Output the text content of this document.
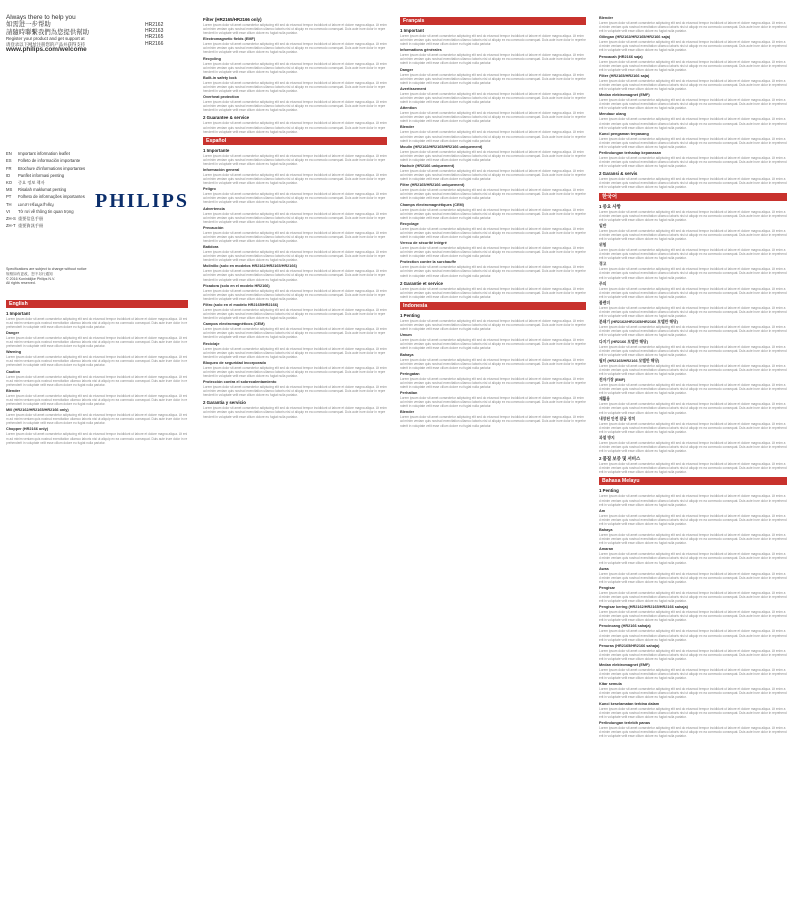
Always there to help you
如需进一步帮助
請隨時聯繫我們為您提供幫助
Register your product and get support at
请登录以下网址注册您的产品并获得支持
www.philips.com/welcome
EN	Important information leaflet
ES	Folleto de información importante
FR	Brochure d'informations importantes
ID	Panflet informasi penting
KO	중요 정보 책자
MS	Risalah maklumat penting
PT	Folheto de informações importantes
TH	เอกสารข้อมูลสำคัญ
VI	Tờ rơi về thông tin quan trọng
ZH-S 重要信息手册
ZH-T 重要資訊手冊
Specifications are subject to change without notice
规格如有更改，恕不另行通知
© 2016 Koninklijke Philips N.V.
All rights reserved.
English
1 Important
Lorem ipsum dolor sit amet consectetur adipiscing elit sed do eiusmod tempor incididunt ut labore et dolore magna aliqua. Ut enim ad minim veniam quis nostrud exercitation ullamco laboris nisi ut aliquip ex ea commodo consequat. Duis aute irure dolor in reprehenderit in voluptate velit esse cillum dolore eu fugiat nulla pariatur.
Danger
Lorem ipsum dolor sit amet consectetur adipiscing elit sed do eiusmod tempor incididunt ut labore et dolore magna aliqua. Ut enim ad minim veniam quis nostrud exercitation ullamco laboris nisi ut aliquip ex ea commodo consequat. Duis aute irure dolor in reprehenderit in voluptate velit esse cillum dolore eu fugiat nulla pariatur.
Warning
Lorem ipsum dolor sit amet consectetur adipiscing elit sed do eiusmod tempor incididunt ut labore et dolore magna aliqua. Ut enim ad minim veniam quis nostrud exercitation ullamco laboris nisi ut aliquip ex ea commodo consequat. Duis aute irure dolor in reprehenderit in voluptate velit esse cillum dolore eu fugiat nulla pariatur.
Caution
Lorem ipsum dolor sit amet consectetur adipiscing elit sed do eiusmod tempor incididunt ut labore et dolore magna aliqua. Ut enim ad minim veniam quis nostrud exercitation ullamco laboris nisi ut aliquip ex ea commodo consequat. Duis aute irure dolor in reprehenderit in voluptate velit esse cillum dolore eu fugiat nulla pariatur.
Blender
Lorem ipsum dolor sit amet consectetur adipiscing elit sed do eiusmod tempor incididunt ut labore et dolore magna aliqua. Ut enim ad minim veniam quis nostrud exercitation ullamco laboris nisi ut aliquip ex ea commodo consequat. Duis aute irure dolor in reprehenderit in voluptate velit esse cillum dolore eu fugiat nulla pariatur.
Mill (HR2162/HR2165/HR2166 only)
Lorem ipsum dolor sit amet consectetur adipiscing elit sed do eiusmod tempor incididunt ut labore et dolore magna aliqua. Ut enim ad minim veniam quis nostrud exercitation ullamco laboris nisi ut aliquip ex ea commodo consequat. Duis aute irure dolor in reprehenderit in voluptate velit esse cillum dolore eu fugiat nulla pariatur.
Chopper (HR2166 only)
Lorem ipsum dolor sit amet consectetur adipiscing elit sed do eiusmod tempor incididunt ut labore et dolore magna aliqua. Ut enim ad minim veniam quis nostrud exercitation ullamco laboris nisi ut aliquip ex ea commodo consequat. Duis aute irure dolor in reprehenderit in voluptate velit esse cillum dolore eu fugiat nulla pariatur.
HR2162
HR2163
HR2165
HR2166
PHILIPS
Filter (HR2165/HR2166 only)
Lorem ipsum dolor sit amet consectetur adipiscing elit sed do eiusmod tempor incididunt ut labore et dolore magna aliqua. Ut enim ad minim veniam quis nostrud exercitation ullamco laboris nisi ut aliquip ex ea commodo consequat. Duis aute irure dolor in reprehenderit in voluptate velit esse cillum dolore eu fugiat nulla pariatur.
Electromagnetic fields (EMF)
Lorem ipsum dolor sit amet consectetur adipiscing elit sed do eiusmod tempor incididunt ut labore et dolore magna aliqua. Ut enim ad minim veniam quis nostrud exercitation ullamco laboris nisi ut aliquip ex ea commodo consequat. Duis aute irure dolor in reprehenderit in voluptate velit esse cillum dolore eu fugiat nulla pariatur.
Recycling
Lorem ipsum dolor sit amet consectetur adipiscing elit sed do eiusmod tempor incididunt ut labore et dolore magna aliqua. Ut enim ad minim veniam quis nostrud exercitation ullamco laboris nisi ut aliquip ex ea commodo consequat. Duis aute irure dolor in reprehenderit in voluptate velit esse cillum dolore eu fugiat nulla pariatur.
Built-in safety lock
Lorem ipsum dolor sit amet consectetur adipiscing elit sed do eiusmod tempor incididunt ut labore et dolore magna aliqua. Ut enim ad minim veniam quis nostrud exercitation ullamco laboris nisi ut aliquip ex ea commodo consequat. Duis aute irure dolor in reprehenderit in voluptate velit esse cillum dolore eu fugiat nulla pariatur.
Overheat protection
Lorem ipsum dolor sit amet consectetur adipiscing elit sed do eiusmod tempor incididunt ut labore et dolore magna aliqua. Ut enim ad minim veniam quis nostrud exercitation ullamco laboris nisi ut aliquip ex ea commodo consequat. Duis aute irure dolor in reprehenderit in voluptate velit esse cillum dolore eu fugiat nulla pariatur.
2 Guarantee & service
Lorem ipsum dolor sit amet consectetur adipiscing elit sed do eiusmod tempor incididunt ut labore et dolore magna aliqua. Ut enim ad minim veniam quis nostrud exercitation ullamco laboris nisi ut aliquip ex ea commodo consequat. Duis aute irure dolor in reprehenderit in voluptate velit esse cillum dolore eu fugiat nulla pariatur.
Español
1 Importante
Lorem ipsum dolor sit amet consectetur adipiscing elit sed do eiusmod tempor incididunt ut labore et dolore magna aliqua. Ut enim ad minim veniam quis nostrud exercitation ullamco laboris nisi ut aliquip ex ea commodo consequat. Duis aute irure dolor in reprehenderit in voluptate velit esse cillum dolore eu fugiat nulla pariatur.
Información general
Lorem ipsum dolor sit amet consectetur adipiscing elit sed do eiusmod tempor incididunt ut labore et dolore magna aliqua. Ut enim ad minim veniam quis nostrud exercitation ullamco laboris nisi ut aliquip ex ea commodo consequat. Duis aute irure dolor in reprehenderit in voluptate velit esse cillum dolore eu fugiat nulla pariatur.
Peligro
Lorem ipsum dolor sit amet consectetur adipiscing elit sed do eiusmod tempor incididunt ut labore et dolore magna aliqua. Ut enim ad minim veniam quis nostrud exercitation ullamco laboris nisi ut aliquip ex ea commodo consequat. Duis aute irure dolor in reprehenderit in voluptate velit esse cillum dolore eu fugiat nulla pariatur.
Advertencia
Lorem ipsum dolor sit amet consectetur adipiscing elit sed do eiusmod tempor incididunt ut labore et dolore magna aliqua. Ut enim ad minim veniam quis nostrud exercitation ullamco laboris nisi ut aliquip ex ea commodo consequat. Duis aute irure dolor in reprehenderit in voluptate velit esse cillum dolore eu fugiat nulla pariatur.
Precaución
Lorem ipsum dolor sit amet consectetur adipiscing elit sed do eiusmod tempor incididunt ut labore et dolore magna aliqua. Ut enim ad minim veniam quis nostrud exercitation ullamco laboris nisi ut aliquip ex ea commodo consequat. Duis aute irure dolor in reprehenderit in voluptate velit esse cillum dolore eu fugiat nulla pariatur.
Batidora
Lorem ipsum dolor sit amet consectetur adipiscing elit sed do eiusmod tempor incididunt ut labore et dolore magna aliqua. Ut enim ad minim veniam quis nostrud exercitation ullamco laboris nisi ut aliquip ex ea commodo consequat. Duis aute irure dolor in reprehenderit in voluptate velit esse cillum dolore eu fugiat nulla pariatur.
Molinillo (solo en modelos HR2162/HR2165/HR2166)
Lorem ipsum dolor sit amet consectetur adipiscing elit sed do eiusmod tempor incididunt ut labore et dolore magna aliqua. Ut enim ad minim veniam quis nostrud exercitation ullamco laboris nisi ut aliquip ex ea commodo consequat. Duis aute irure dolor in reprehenderit in voluptate velit esse cillum dolore eu fugiat nulla pariatur.
Picadora (solo en el modelo HR2166)
Lorem ipsum dolor sit amet consectetur adipiscing elit sed do eiusmod tempor incididunt ut labore et dolore magna aliqua. Ut enim ad minim veniam quis nostrud exercitation ullamco laboris nisi ut aliquip ex ea commodo consequat. Duis aute irure dolor in reprehenderit in voluptate velit esse cillum dolore eu fugiat nulla pariatur.
Filtro (solo en el modelo HR2165/HR2166)
Lorem ipsum dolor sit amet consectetur adipiscing elit sed do eiusmod tempor incididunt ut labore et dolore magna aliqua. Ut enim ad minim veniam quis nostrud exercitation ullamco laboris nisi ut aliquip ex ea commodo consequat. Duis aute irure dolor in reprehenderit in voluptate velit esse cillum dolore eu fugiat nulla pariatur.
Campos electromagnéticos (CEM)
Lorem ipsum dolor sit amet consectetur adipiscing elit sed do eiusmod tempor incididunt ut labore et dolore magna aliqua. Ut enim ad minim veniam quis nostrud exercitation ullamco laboris nisi ut aliquip ex ea commodo consequat. Duis aute irure dolor in reprehenderit in voluptate velit esse cillum dolore eu fugiat nulla pariatur.
Reciclaje
Lorem ipsum dolor sit amet consectetur adipiscing elit sed do eiusmod tempor incididunt ut labore et dolore magna aliqua. Ut enim ad minim veniam quis nostrud exercitation ullamco laboris nisi ut aliquip ex ea commodo consequat. Duis aute irure dolor in reprehenderit in voluptate velit esse cillum dolore eu fugiat nulla pariatur.
Bloqueo de seguridad incorporado
Lorem ipsum dolor sit amet consectetur adipiscing elit sed do eiusmod tempor incididunt ut labore et dolore magna aliqua. Ut enim ad minim veniam quis nostrud exercitation ullamco laboris nisi ut aliquip ex ea commodo consequat. Duis aute irure dolor in reprehenderit in voluptate velit esse cillum dolore eu fugiat nulla pariatur.
Protección contra el sobrecalentamiento
Lorem ipsum dolor sit amet consectetur adipiscing elit sed do eiusmod tempor incididunt ut labore et dolore magna aliqua. Ut enim ad minim veniam quis nostrud exercitation ullamco laboris nisi ut aliquip ex ea commodo consequat. Duis aute irure dolor in reprehenderit in voluptate velit esse cillum dolore eu fugiat nulla pariatur.
2 Garantía y servicio
Lorem ipsum dolor sit amet consectetur adipiscing elit sed do eiusmod tempor incididunt ut labore et dolore magna aliqua. Ut enim ad minim veniam quis nostrud exercitation ullamco laboris nisi ut aliquip ex ea commodo consequat. Duis aute irure dolor in reprehenderit in voluptate velit esse cillum dolore eu fugiat nulla pariatur.
Français
1 Important
Lorem ipsum dolor sit amet consectetur adipiscing elit sed do eiusmod tempor incididunt ut labore et dolore magna aliqua. Ut enim ad minim veniam quis nostrud exercitation ullamco laboris nisi ut aliquip ex ea commodo consequat. Duis aute irure dolor in reprehenderit in voluptate velit esse cillum dolore eu fugiat nulla pariatur.
Informations générales
Lorem ipsum dolor sit amet consectetur adipiscing elit sed do eiusmod tempor incididunt ut labore et dolore magna aliqua. Ut enim ad minim veniam quis nostrud exercitation ullamco laboris nisi ut aliquip ex ea commodo consequat. Duis aute irure dolor in reprehenderit in voluptate velit esse cillum dolore eu fugiat nulla pariatur.
Danger
Lorem ipsum dolor sit amet consectetur adipiscing elit sed do eiusmod tempor incididunt ut labore et dolore magna aliqua. Ut enim ad minim veniam quis nostrud exercitation ullamco laboris nisi ut aliquip ex ea commodo consequat. Duis aute irure dolor in reprehenderit in voluptate velit esse cillum dolore eu fugiat nulla pariatur.
Avertissement
Lorem ipsum dolor sit amet consectetur adipiscing elit sed do eiusmod tempor incididunt ut labore et dolore magna aliqua. Ut enim ad minim veniam quis nostrud exercitation ullamco laboris nisi ut aliquip ex ea commodo consequat. Duis aute irure dolor in reprehenderit in voluptate velit esse cillum dolore eu fugiat nulla pariatur.
Attention
Lorem ipsum dolor sit amet consectetur adipiscing elit sed do eiusmod tempor incididunt ut labore et dolore magna aliqua. Ut enim ad minim veniam quis nostrud exercitation ullamco laboris nisi ut aliquip ex ea commodo consequat. Duis aute irure dolor in reprehenderit in voluptate velit esse cillum dolore eu fugiat nulla pariatur.
Blender
Lorem ipsum dolor sit amet consectetur adipiscing elit sed do eiusmod tempor incididunt ut labore et dolore magna aliqua. Ut enim ad minim veniam quis nostrud exercitation ullamco laboris nisi ut aliquip ex ea commodo consequat. Duis aute irure dolor in reprehenderit in voluptate velit esse cillum dolore eu fugiat nulla pariatur.
Moulin (HR2162/HR2165/HR2166 uniquement)
Lorem ipsum dolor sit amet consectetur adipiscing elit sed do eiusmod tempor incididunt ut labore et dolore magna aliqua. Ut enim ad minim veniam quis nostrud exercitation ullamco laboris nisi ut aliquip ex ea commodo consequat. Duis aute irure dolor in reprehenderit in voluptate velit esse cillum dolore eu fugiat nulla pariatur.
Hachoir (HR2166 uniquement)
Lorem ipsum dolor sit amet consectetur adipiscing elit sed do eiusmod tempor incididunt ut labore et dolore magna aliqua. Ut enim ad minim veniam quis nostrud exercitation ullamco laboris nisi ut aliquip ex ea commodo consequat. Duis aute irure dolor in reprehenderit in voluptate velit esse cillum dolore eu fugiat nulla pariatur.
Filtre (HR2165/HR2166 uniquement)
Lorem ipsum dolor sit amet consectetur adipiscing elit sed do eiusmod tempor incididunt ut labore et dolore magna aliqua. Ut enim ad minim veniam quis nostrud exercitation ullamco laboris nisi ut aliquip ex ea commodo consequat. Duis aute irure dolor in reprehenderit in voluptate velit esse cillum dolore eu fugiat nulla pariatur.
Champs électromagnétiques (CEM)
Lorem ipsum dolor sit amet consectetur adipiscing elit sed do eiusmod tempor incididunt ut labore et dolore magna aliqua. Ut enim ad minim veniam quis nostrud exercitation ullamco laboris nisi ut aliquip ex ea commodo consequat. Duis aute irure dolor in reprehenderit in voluptate velit esse cillum dolore eu fugiat nulla pariatur.
Recyclage
Lorem ipsum dolor sit amet consectetur adipiscing elit sed do eiusmod tempor incididunt ut labore et dolore magna aliqua. Ut enim ad minim veniam quis nostrud exercitation ullamco laboris nisi ut aliquip ex ea commodo consequat. Duis aute irure dolor in reprehenderit in voluptate velit esse cillum dolore eu fugiat nulla pariatur.
Verrou de sécurité intégré
Lorem ipsum dolor sit amet consectetur adipiscing elit sed do eiusmod tempor incididunt ut labore et dolore magna aliqua. Ut enim ad minim veniam quis nostrud exercitation ullamco laboris nisi ut aliquip ex ea commodo consequat. Duis aute irure dolor in reprehenderit in voluptate velit esse cillum dolore eu fugiat nulla pariatur.
Protection contre la surchauffe
Lorem ipsum dolor sit amet consectetur adipiscing elit sed do eiusmod tempor incididunt ut labore et dolore magna aliqua. Ut enim ad minim veniam quis nostrud exercitation ullamco laboris nisi ut aliquip ex ea commodo consequat. Duis aute irure dolor in reprehenderit in voluptate velit esse cillum dolore eu fugiat nulla pariatur.
2 Garantie et service
Lorem ipsum dolor sit amet consectetur adipiscing elit sed do eiusmod tempor incididunt ut labore et dolore magna aliqua. Ut enim ad minim veniam quis nostrud exercitation ullamco laboris nisi ut aliquip ex ea commodo consequat. Duis aute irure dolor in reprehenderit in voluptate velit esse cillum dolore eu fugiat nulla pariatur.
Indonesia
1 Penting
Lorem ipsum dolor sit amet consectetur adipiscing elit sed do eiusmod tempor incididunt ut labore et dolore magna aliqua. Ut enim ad minim veniam quis nostrud exercitation ullamco laboris nisi ut aliquip ex ea commodo consequat. Duis aute irure dolor in reprehenderit in voluptate velit esse cillum dolore eu fugiat nulla pariatur.
Umum
Lorem ipsum dolor sit amet consectetur adipiscing elit sed do eiusmod tempor incididunt ut labore et dolore magna aliqua. Ut enim ad minim veniam quis nostrud exercitation ullamco laboris nisi ut aliquip ex ea commodo consequat. Duis aute irure dolor in reprehenderit in voluptate velit esse cillum dolore eu fugiat nulla pariatur.
Bahaya
Lorem ipsum dolor sit amet consectetur adipiscing elit sed do eiusmod tempor incididunt ut labore et dolore magna aliqua. Ut enim ad minim veniam quis nostrud exercitation ullamco laboris nisi ut aliquip ex ea commodo consequat. Duis aute irure dolor in reprehenderit in voluptate velit esse cillum dolore eu fugiat nulla pariatur.
Peringatan
Lorem ipsum dolor sit amet consectetur adipiscing elit sed do eiusmod tempor incididunt ut labore et dolore magna aliqua. Ut enim ad minim veniam quis nostrud exercitation ullamco laboris nisi ut aliquip ex ea commodo consequat. Duis aute irure dolor in reprehenderit in voluptate velit esse cillum dolore eu fugiat nulla pariatur.
Perhatian
Lorem ipsum dolor sit amet consectetur adipiscing elit sed do eiusmod tempor incididunt ut labore et dolore magna aliqua. Ut enim ad minim veniam quis nostrud exercitation ullamco laboris nisi ut aliquip ex ea commodo consequat. Duis aute irure dolor in reprehenderit in voluptate velit esse cillum dolore eu fugiat nulla pariatur.
Blender
Lorem ipsum dolor sit amet consectetur adipiscing elit sed do eiusmod tempor incididunt ut labore et dolore magna aliqua. Ut enim ad minim veniam quis nostrud exercitation ullamco laboris nisi ut aliquip ex ea commodo consequat. Duis aute irure dolor in reprehenderit in voluptate velit esse cillum dolore eu fugiat nulla pariatur.
Blender
Lorem ipsum dolor sit amet consectetur adipiscing elit sed do eiusmod tempor incididunt ut labore et dolore magna aliqua. Ut enim ad minim veniam quis nostrud exercitation ullamco laboris nisi ut aliquip ex ea commodo consequat. Duis aute irure dolor in reprehenderit in voluptate velit esse cillum dolore eu fugiat nulla pariatur.
Gilingan (HR2162/HR2165/HR2166 saja)
Lorem ipsum dolor sit amet consectetur adipiscing elit sed do eiusmod tempor incididunt ut labore et dolore magna aliqua. Ut enim ad minim veniam quis nostrud exercitation ullamco laboris nisi ut aliquip ex ea commodo consequat. Duis aute irure dolor in reprehenderit in voluptate velit esse cillum dolore eu fugiat nulla pariatur.
Pencacah (HR2166 saja)
Lorem ipsum dolor sit amet consectetur adipiscing elit sed do eiusmod tempor incididunt ut labore et dolore magna aliqua. Ut enim ad minim veniam quis nostrud exercitation ullamco laboris nisi ut aliquip ex ea commodo consequat. Duis aute irure dolor in reprehenderit in voluptate velit esse cillum dolore eu fugiat nulla pariatur.
Filter (HR2165/HR2166 saja)
Lorem ipsum dolor sit amet consectetur adipiscing elit sed do eiusmod tempor incididunt ut labore et dolore magna aliqua. Ut enim ad minim veniam quis nostrud exercitation ullamco laboris nisi ut aliquip ex ea commodo consequat. Duis aute irure dolor in reprehenderit in voluptate velit esse cillum dolore eu fugiat nulla pariatur.
Medan elektromagnet (EMF)
Lorem ipsum dolor sit amet consectetur adipiscing elit sed do eiusmod tempor incididunt ut labore et dolore magna aliqua. Ut enim ad minim veniam quis nostrud exercitation ullamco laboris nisi ut aliquip ex ea commodo consequat. Duis aute irure dolor in reprehenderit in voluptate velit esse cillum dolore eu fugiat nulla pariatur.
Mendaur ulang
Lorem ipsum dolor sit amet consectetur adipiscing elit sed do eiusmod tempor incididunt ut labore et dolore magna aliqua. Ut enim ad minim veniam quis nostrud exercitation ullamco laboris nisi ut aliquip ex ea commodo consequat. Duis aute irure dolor in reprehenderit in voluptate velit esse cillum dolore eu fugiat nulla pariatur.
Kunci pengaman terpasang
Lorem ipsum dolor sit amet consectetur adipiscing elit sed do eiusmod tempor incididunt ut labore et dolore magna aliqua. Ut enim ad minim veniam quis nostrud exercitation ullamco laboris nisi ut aliquip ex ea commodo consequat. Duis aute irure dolor in reprehenderit in voluptate velit esse cillum dolore eu fugiat nulla pariatur.
Perlindungan terhadap kepanasan
Lorem ipsum dolor sit amet consectetur adipiscing elit sed do eiusmod tempor incididunt ut labore et dolore magna aliqua. Ut enim ad minim veniam quis nostrud exercitation ullamco laboris nisi ut aliquip ex ea commodo consequat. Duis aute irure dolor in reprehenderit in voluptate velit esse cillum dolore eu fugiat nulla pariatur.
2 Garansi & servis
Lorem ipsum dolor sit amet consectetur adipiscing elit sed do eiusmod tempor incididunt ut labore et dolore magna aliqua. Ut enim ad minim veniam quis nostrud exercitation ullamco laboris nisi ut aliquip ex ea commodo consequat. Duis aute irure dolor in reprehenderit in voluptate velit esse cillum dolore eu fugiat nulla pariatur.
한국어
1 중요 사항
Lorem ipsum dolor sit amet consectetur adipiscing elit sed do eiusmod tempor incididunt ut labore et dolore magna aliqua. Ut enim ad minim veniam quis nostrud exercitation ullamco laboris nisi ut aliquip ex ea commodo consequat. Duis aute irure dolor in reprehenderit in voluptate velit esse cillum dolore eu fugiat nulla pariatur.
일반
Lorem ipsum dolor sit amet consectetur adipiscing elit sed do eiusmod tempor incididunt ut labore et dolore magna aliqua. Ut enim ad minim veniam quis nostrud exercitation ullamco laboris nisi ut aliquip ex ea commodo consequat. Duis aute irure dolor in reprehenderit in voluptate velit esse cillum dolore eu fugiat nulla pariatur.
위험
Lorem ipsum dolor sit amet consectetur adipiscing elit sed do eiusmod tempor incididunt ut labore et dolore magna aliqua. Ut enim ad minim veniam quis nostrud exercitation ullamco laboris nisi ut aliquip ex ea commodo consequat. Duis aute irure dolor in reprehenderit in voluptate velit esse cillum dolore eu fugiat nulla pariatur.
경고
Lorem ipsum dolor sit amet consectetur adipiscing elit sed do eiusmod tempor incididunt ut labore et dolore magna aliqua. Ut enim ad minim veniam quis nostrud exercitation ullamco laboris nisi ut aliquip ex ea commodo consequat. Duis aute irure dolor in reprehenderit in voluptate velit esse cillum dolore eu fugiat nulla pariatur.
주의
Lorem ipsum dolor sit amet consectetur adipiscing elit sed do eiusmod tempor incididunt ut labore et dolore magna aliqua. Ut enim ad minim veniam quis nostrud exercitation ullamco laboris nisi ut aliquip ex ea commodo consequat. Duis aute irure dolor in reprehenderit in voluptate velit esse cillum dolore eu fugiat nulla pariatur.
블렌더
Lorem ipsum dolor sit amet consectetur adipiscing elit sed do eiusmod tempor incididunt ut labore et dolore magna aliqua. Ut enim ad minim veniam quis nostrud exercitation ullamco laboris nisi ut aliquip ex ea commodo consequat. Duis aute irure dolor in reprehenderit in voluptate velit esse cillum dolore eu fugiat nulla pariatur.
분쇄기 (HR2162/HR2165/HR2166 모델만 해당)
Lorem ipsum dolor sit amet consectetur adipiscing elit sed do eiusmod tempor incididunt ut labore et dolore magna aliqua. Ut enim ad minim veniam quis nostrud exercitation ullamco laboris nisi ut aliquip ex ea commodo consequat. Duis aute irure dolor in reprehenderit in voluptate velit esse cillum dolore eu fugiat nulla pariatur.
다지기 (HR2166 모델만 해당)
Lorem ipsum dolor sit amet consectetur adipiscing elit sed do eiusmod tempor incididunt ut labore et dolore magna aliqua. Ut enim ad minim veniam quis nostrud exercitation ullamco laboris nisi ut aliquip ex ea commodo consequat. Duis aute irure dolor in reprehenderit in voluptate velit esse cillum dolore eu fugiat nulla pariatur.
필터 (HR2165/HR2166 모델만 해당)
Lorem ipsum dolor sit amet consectetur adipiscing elit sed do eiusmod tempor incididunt ut labore et dolore magna aliqua. Ut enim ad minim veniam quis nostrud exercitation ullamco laboris nisi ut aliquip ex ea commodo consequat. Duis aute irure dolor in reprehenderit in voluptate velit esse cillum dolore eu fugiat nulla pariatur.
전자기장 (EMF)
Lorem ipsum dolor sit amet consectetur adipiscing elit sed do eiusmod tempor incididunt ut labore et dolore magna aliqua. Ut enim ad minim veniam quis nostrud exercitation ullamco laboris nisi ut aliquip ex ea commodo consequat. Duis aute irure dolor in reprehenderit in voluptate velit esse cillum dolore eu fugiat nulla pariatur.
재활용
Lorem ipsum dolor sit amet consectetur adipiscing elit sed do eiusmod tempor incididunt ut labore et dolore magna aliqua. Ut enim ad minim veniam quis nostrud exercitation ullamco laboris nisi ut aliquip ex ea commodo consequat. Duis aute irure dolor in reprehenderit in voluptate velit esse cillum dolore eu fugiat nulla pariatur.
내장된 안전 잠금 장치
Lorem ipsum dolor sit amet consectetur adipiscing elit sed do eiusmod tempor incididunt ut labore et dolore magna aliqua. Ut enim ad minim veniam quis nostrud exercitation ullamco laboris nisi ut aliquip ex ea commodo consequat. Duis aute irure dolor in reprehenderit in voluptate velit esse cillum dolore eu fugiat nulla pariatur.
과열 방지
Lorem ipsum dolor sit amet consectetur adipiscing elit sed do eiusmod tempor incididunt ut labore et dolore magna aliqua. Ut enim ad minim veniam quis nostrud exercitation ullamco laboris nisi ut aliquip ex ea commodo consequat. Duis aute irure dolor in reprehenderit in voluptate velit esse cillum dolore eu fugiat nulla pariatur.
2 품질 보증 및 서비스
Lorem ipsum dolor sit amet consectetur adipiscing elit sed do eiusmod tempor incididunt ut labore et dolore magna aliqua. Ut enim ad minim veniam quis nostrud exercitation ullamco laboris nisi ut aliquip ex ea commodo consequat. Duis aute irure dolor in reprehenderit in voluptate velit esse cillum dolore eu fugiat nulla pariatur.
Bahasa Melayu
1 Penting
Lorem ipsum dolor sit amet consectetur adipiscing elit sed do eiusmod tempor incididunt ut labore et dolore magna aliqua. Ut enim ad minim veniam quis nostrud exercitation ullamco laboris nisi ut aliquip ex ea commodo consequat. Duis aute irure dolor in reprehenderit in voluptate velit esse cillum dolore eu fugiat nulla pariatur.
Am
Lorem ipsum dolor sit amet consectetur adipiscing elit sed do eiusmod tempor incididunt ut labore et dolore magna aliqua. Ut enim ad minim veniam quis nostrud exercitation ullamco laboris nisi ut aliquip ex ea commodo consequat. Duis aute irure dolor in reprehenderit in voluptate velit esse cillum dolore eu fugiat nulla pariatur.
Bahaya
Lorem ipsum dolor sit amet consectetur adipiscing elit sed do eiusmod tempor incididunt ut labore et dolore magna aliqua. Ut enim ad minim veniam quis nostrud exercitation ullamco laboris nisi ut aliquip ex ea commodo consequat. Duis aute irure dolor in reprehenderit in voluptate velit esse cillum dolore eu fugiat nulla pariatur.
Amaran
Lorem ipsum dolor sit amet consectetur adipiscing elit sed do eiusmod tempor incididunt ut labore et dolore magna aliqua. Ut enim ad minim veniam quis nostrud exercitation ullamco laboris nisi ut aliquip ex ea commodo consequat. Duis aute irure dolor in reprehenderit in voluptate velit esse cillum dolore eu fugiat nulla pariatur.
Awas
Lorem ipsum dolor sit amet consectetur adipiscing elit sed do eiusmod tempor incididunt ut labore et dolore magna aliqua. Ut enim ad minim veniam quis nostrud exercitation ullamco laboris nisi ut aliquip ex ea commodo consequat. Duis aute irure dolor in reprehenderit in voluptate velit esse cillum dolore eu fugiat nulla pariatur.
Pengisar
Lorem ipsum dolor sit amet consectetur adipiscing elit sed do eiusmod tempor incididunt ut labore et dolore magna aliqua. Ut enim ad minim veniam quis nostrud exercitation ullamco laboris nisi ut aliquip ex ea commodo consequat. Duis aute irure dolor in reprehenderit in voluptate velit esse cillum dolore eu fugiat nulla pariatur.
Pengisar kering (HR2162/HR2165/HR2166 sahaja)
Lorem ipsum dolor sit amet consectetur adipiscing elit sed do eiusmod tempor incididunt ut labore et dolore magna aliqua. Ut enim ad minim veniam quis nostrud exercitation ullamco laboris nisi ut aliquip ex ea commodo consequat. Duis aute irure dolor in reprehenderit in voluptate velit esse cillum dolore eu fugiat nulla pariatur.
Pencincang (HR2166 sahaja)
Lorem ipsum dolor sit amet consectetur adipiscing elit sed do eiusmod tempor incididunt ut labore et dolore magna aliqua. Ut enim ad minim veniam quis nostrud exercitation ullamco laboris nisi ut aliquip ex ea commodo consequat. Duis aute irure dolor in reprehenderit in voluptate velit esse cillum dolore eu fugiat nulla pariatur.
Penuras (HR2165/HR2166 sahaja)
Lorem ipsum dolor sit amet consectetur adipiscing elit sed do eiusmod tempor incididunt ut labore et dolore magna aliqua. Ut enim ad minim veniam quis nostrud exercitation ullamco laboris nisi ut aliquip ex ea commodo consequat. Duis aute irure dolor in reprehenderit in voluptate velit esse cillum dolore eu fugiat nulla pariatur.
Medan elektromagnet (EMF)
Lorem ipsum dolor sit amet consectetur adipiscing elit sed do eiusmod tempor incididunt ut labore et dolore magna aliqua. Ut enim ad minim veniam quis nostrud exercitation ullamco laboris nisi ut aliquip ex ea commodo consequat. Duis aute irure dolor in reprehenderit in voluptate velit esse cillum dolore eu fugiat nulla pariatur.
Kitar semula
Lorem ipsum dolor sit amet consectetur adipiscing elit sed do eiusmod tempor incididunt ut labore et dolore magna aliqua. Ut enim ad minim veniam quis nostrud exercitation ullamco laboris nisi ut aliquip ex ea commodo consequat. Duis aute irure dolor in reprehenderit in voluptate velit esse cillum dolore eu fugiat nulla pariatur.
Kunci keselamatan terbina dalam
Lorem ipsum dolor sit amet consectetur adipiscing elit sed do eiusmod tempor incididunt ut labore et dolore magna aliqua. Ut enim ad minim veniam quis nostrud exercitation ullamco laboris nisi ut aliquip ex ea commodo consequat. Duis aute irure dolor in reprehenderit in voluptate velit esse cillum dolore eu fugiat nulla pariatur.
Perlindungan terlebih panas
Lorem ipsum dolor sit amet consectetur adipiscing elit sed do eiusmod tempor incididunt ut labore et dolore magna aliqua. Ut enim ad minim veniam quis nostrud exercitation ullamco laboris nisi ut aliquip ex ea commodo consequat. Duis aute irure dolor in reprehenderit in voluptate velit esse cillum dolore eu fugiat nulla pariatur.
